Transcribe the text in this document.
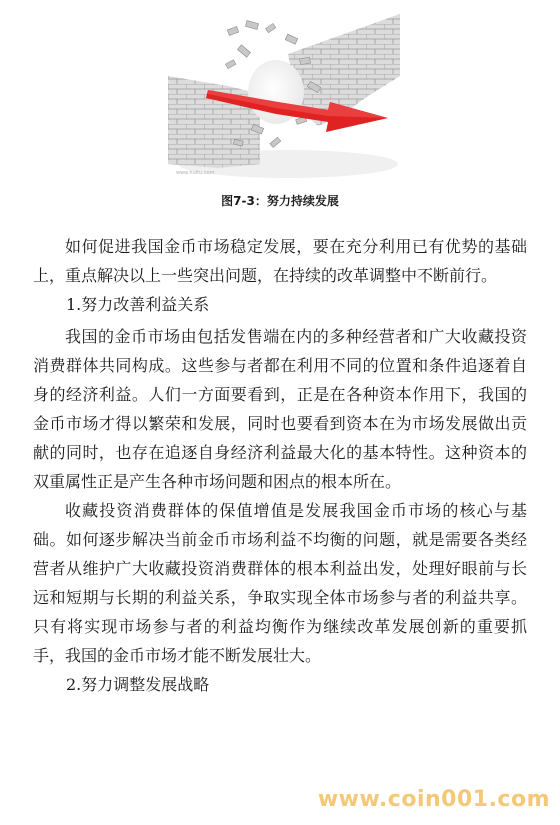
www.huitu.com
图7-3：努力持续发展

如何促进我国金币市场稳定发展，要在充分利用已有优势的基础上，重点解决以上一些突出问题，在持续的改革调整中不断前行。

1.努力改善利益关系

我国的金币市场由包括发售端在内的多种经营者和广大收藏投资消费群体共同构成。这些参与者都在利用不同的位置和条件追逐着自身的经济利益。人们一方面要看到，正是在各种资本作用下，我国的金币市场才得以繁荣和发展，同时也要看到资本在为市场发展做出贡献的同时，也存在追逐自身经济利益最大化的基本特性。这种资本的双重属性正是产生各种市场问题和困点的根本所在。

收藏投资消费群体的保值增值是发展我国金币市场的核心与基础。如何逐步解决当前金币市场利益不均衡的问题，就是需要各类经营者从维护广大收藏投资消费群体的根本利益出发，处理好眼前与长远和短期与长期的利益关系，争取实现全体市场参与者的利益共享。只有将实现市场参与者的利益均衡作为继续改革发展创新的重要抓手，我国的金币市场才能不断发展壮大。

2.努力调整发展战略

www.coin001.com
